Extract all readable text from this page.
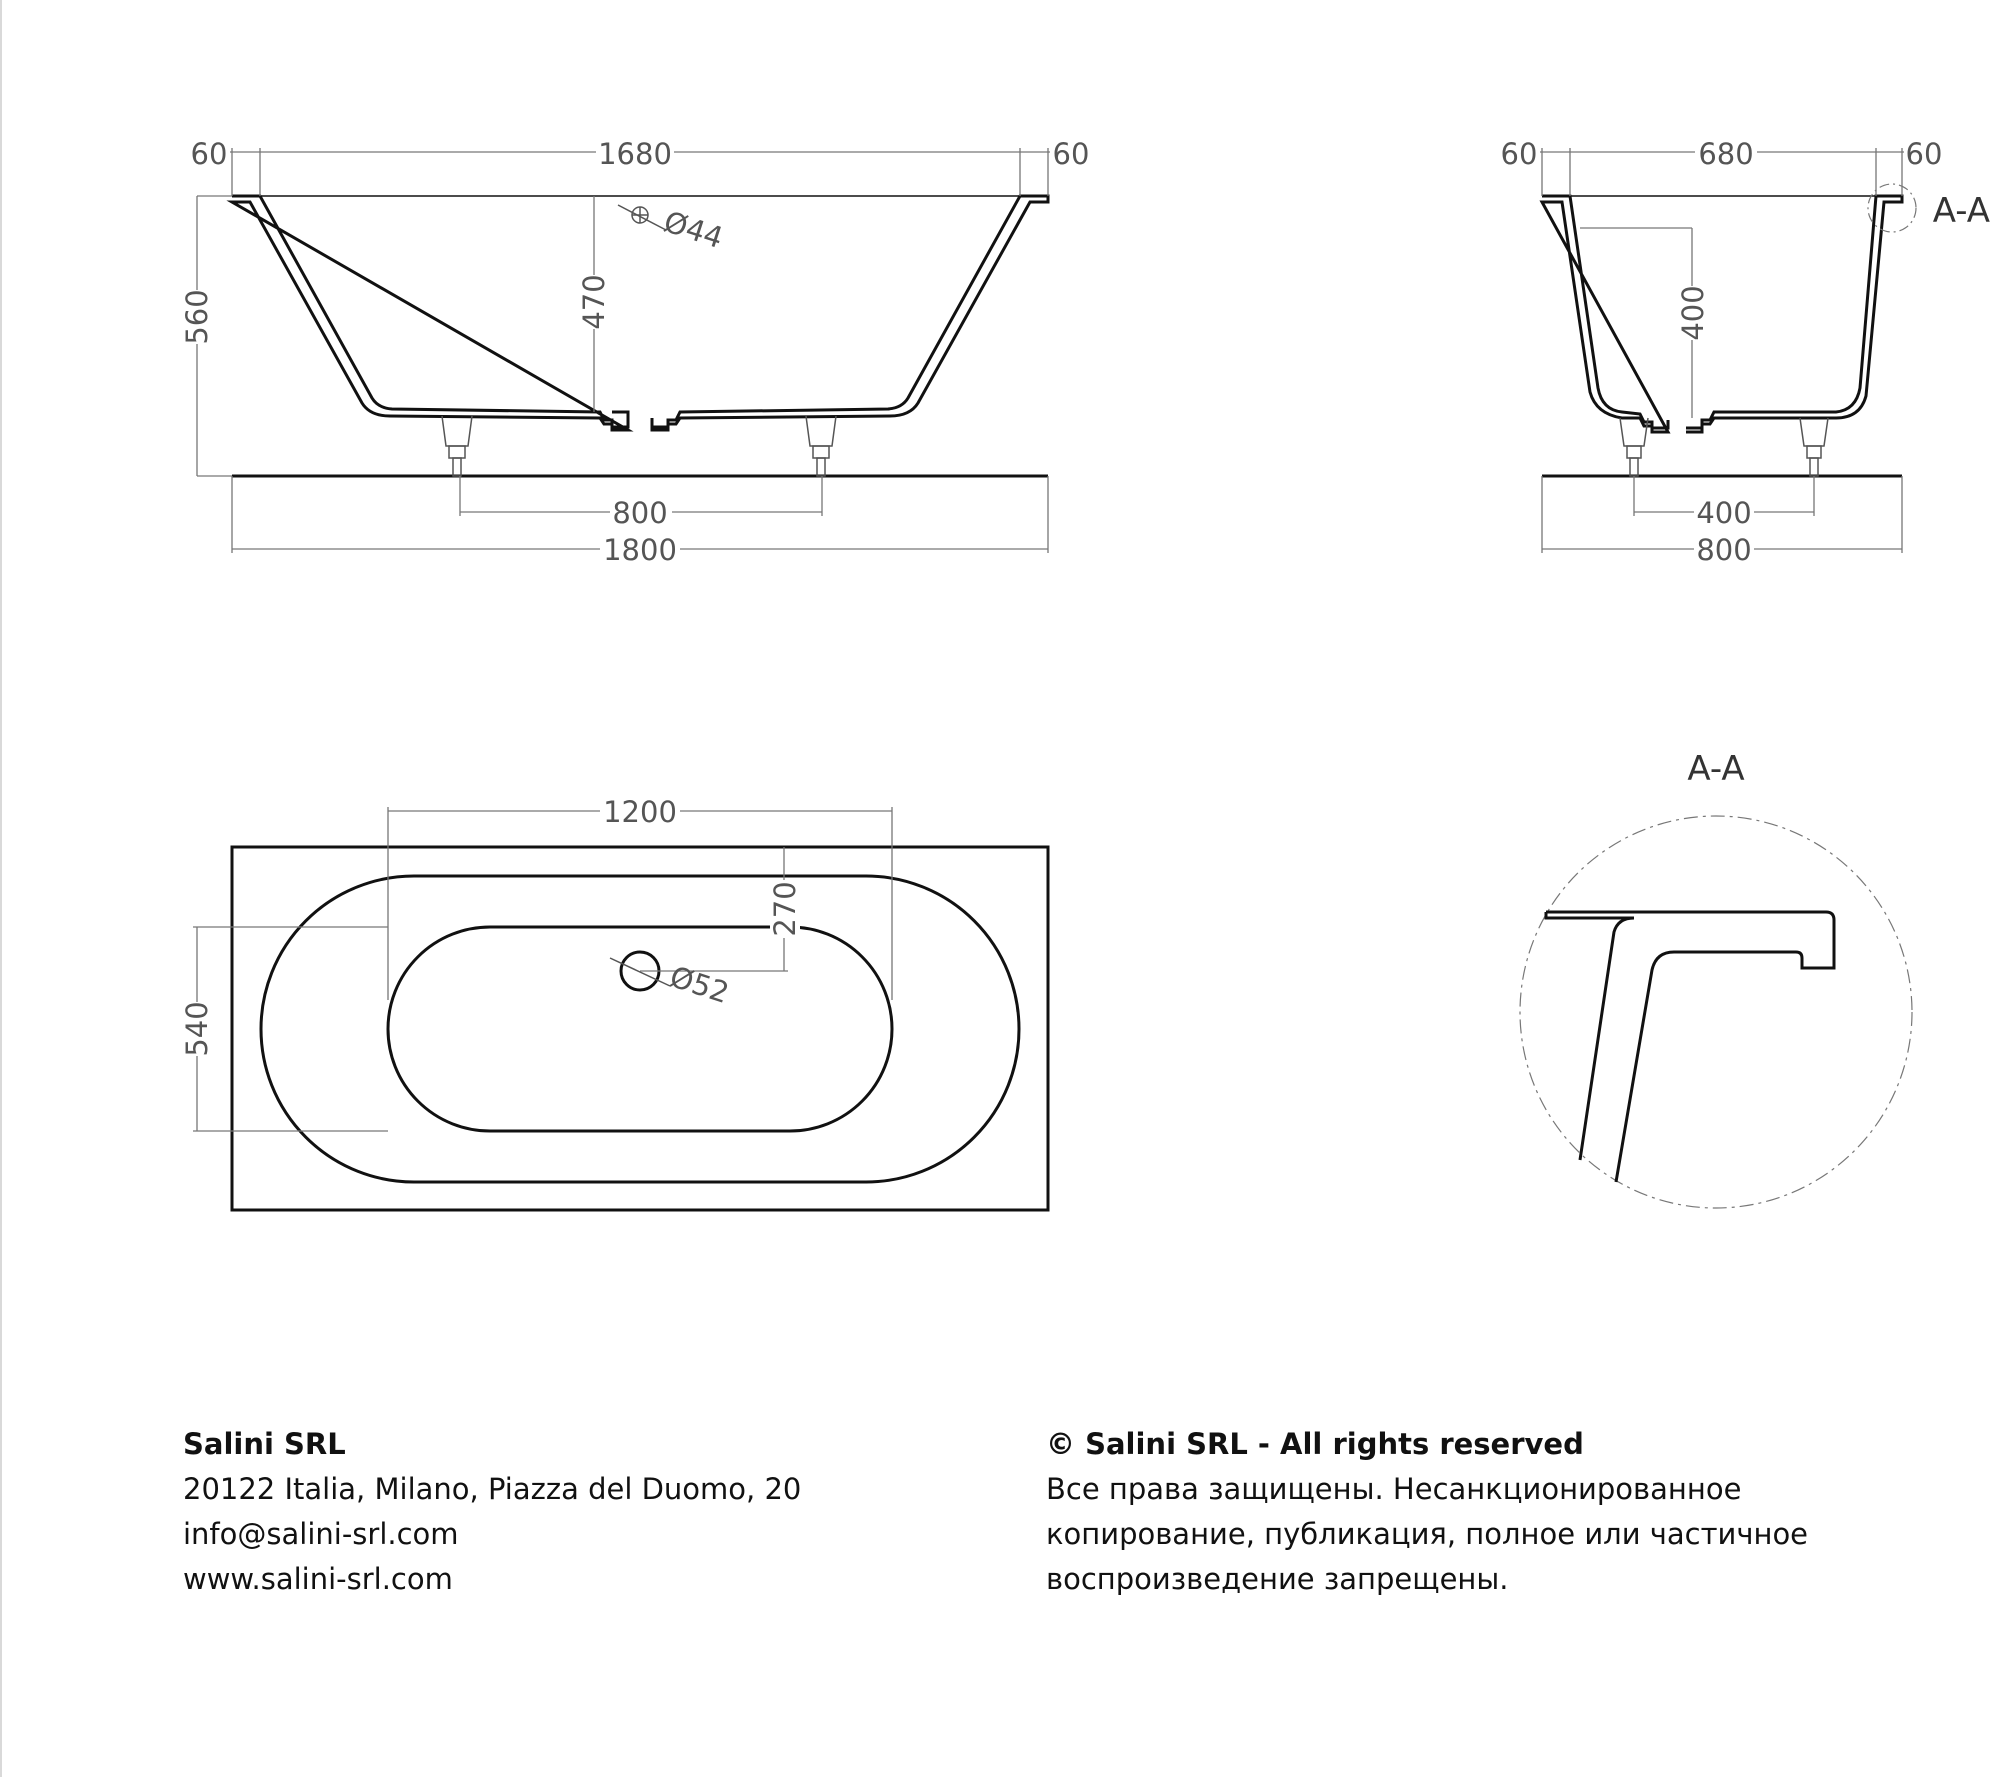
1680
60	60
560	470
Ø44
800
1800
680
60	60
A-A
400
400
800
1200
270
Ø52
540
A-A
Salini SRL
20122 Italia, Milano, Piazza del Duomo, 20
info@salini-srl.com
www.salini-srl.com
© Salini SRL - All rights reserved
Все права защищены. Несанкционированное
копирование, публикация, полное или частичное
воспроизведение запрещены.
